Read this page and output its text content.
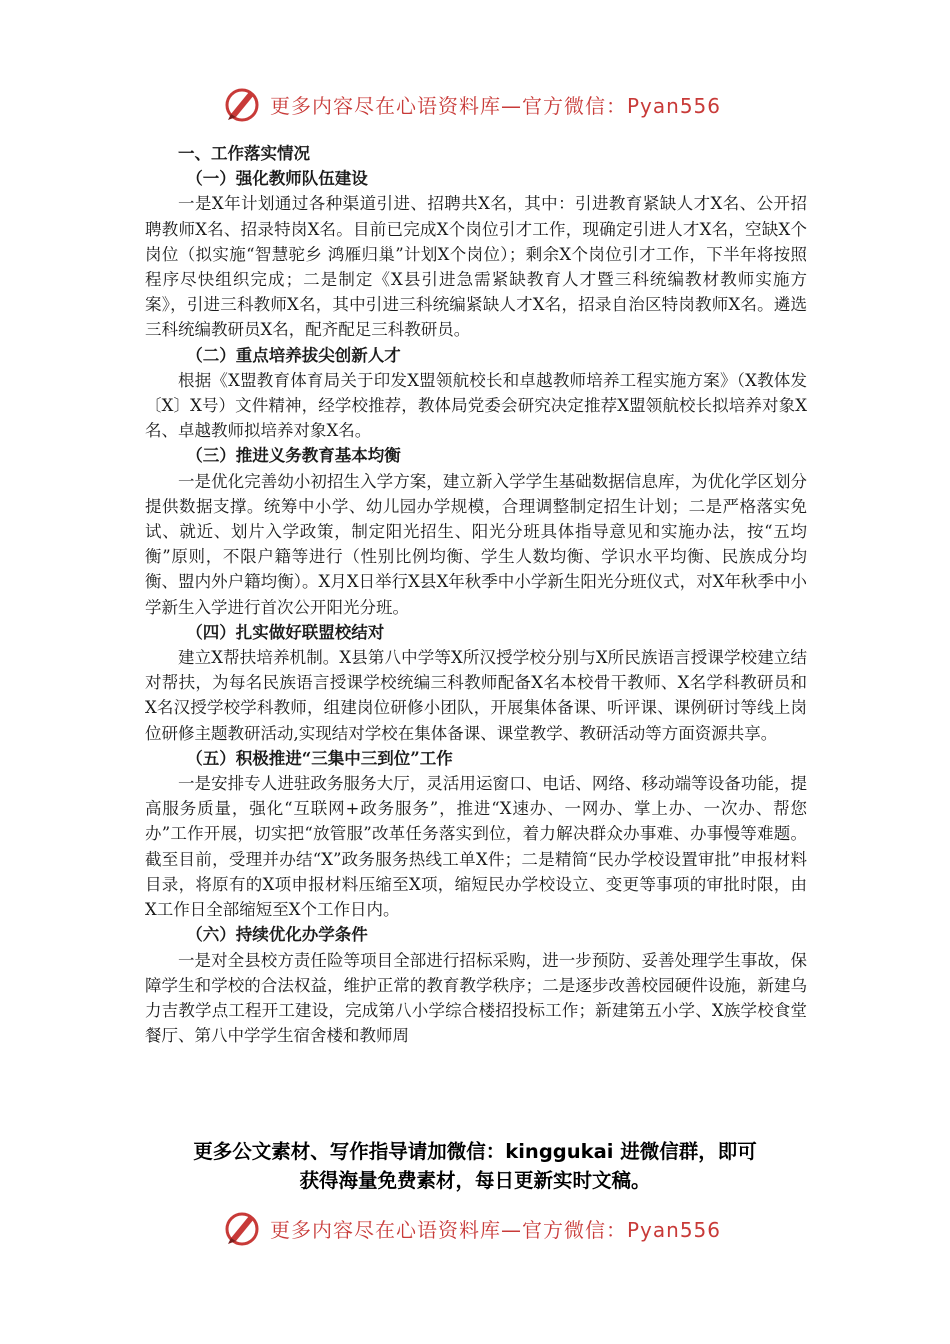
更多内容尽在心语资料库—官方微信：Pyan556
一、工作落实情况
（一）强化教师队伍建设

一是X年计划通过各种渠道引进、招聘共X名，其中：引进教育紧缺人才X名、公开招聘教师X名、招录特岗X名。目前已完成X个岗位引才工作，现确定引进人才X名，空缺X个岗位（拟实施“智慧驼乡 鸿雁归巢”计划X个岗位）；剩余X个岗位引才工作，下半年将按照程序尽快组织完成；二是制定《X县引进急需紧缺教育人才暨三科统编教材教师实施方案》，引进三科教师X名，其中引进三科统编紧缺人才X名，招录自治区特岗教师X名。遴选三科统编教研员X名，配齐配足三科教研员。

（二）重点培养拔尖创新人才

根据《X盟教育体育局关于印发X盟领航校长和卓越教师培养工程实施方案》（X教体发〔X〕X号）文件精神，经学校推荐，教体局党委会研究决定推荐X盟领航校长拟培养对象X名、卓越教师拟培养对象X名。

（三）推进义务教育基本均衡

一是优化完善幼小初招生入学方案，建立新入学学生基础数据信息库，为优化学区划分提供数据支撑。统筹中小学、幼儿园办学规模，合理调整制定招生计划；二是严格落实免试、就近、划片入学政策，制定阳光招生、阳光分班具体指导意见和实施办法，按“五均衡”原则，不限户籍等进行（性别比例均衡、学生人数均衡、学识水平均衡、民族成分均衡、盟内外户籍均衡）。X月X日举行X县X年秋季中小学新生阳光分班仪式，对X年秋季中小学新生入学进行首次公开阳光分班。

（四）扎实做好联盟校结对

建立X帮扶培养机制。X县第八中学等X所汉授学校分别与X所民族语言授课学校建立结对帮扶，为每名民族语言授课学校统编三科教师配备X名本校骨干教师、X名学科教研员和X名汉授学校学科教师，组建岗位研修小团队，开展集体备课、听评课、课例研讨等线上岗位研修主题教研活动,实现结对学校在集体备课、课堂教学、教研活动等方面资源共享。

（五）积极推进“三集中三到位”工作

一是安排专人进驻政务服务大厅，灵活用运窗口、电话、网络、移动端等设备功能，提高服务质量，强化“互联网+政务服务”，推进“X速办、一网办、掌上办、一次办、帮您办”工作开展，切实把“放管服”改革任务落实到位，着力解决群众办事难、办事慢等难题。截至目前，受理并办结“X”政务服务热线工单X件；二是精简“民办学校设置审批”申报材料目录，将原有的X项申报材料压缩至X项，缩短民办学校设立、变更等事项的审批时限，由X工作日全部缩短至X个工作日内。

（六）持续优化办学条件

一是对全县校方责任险等项目全部进行招标采购，进一步预防、妥善处理学生事故，保障学生和学校的合法权益，维护正常的教育教学秩序；二是逐步改善校园硬件设施，新建乌力吉教学点工程开工建设，完成第八小学综合楼招投标工作；新建第五小学、X族学校食堂餐厅、第八中学学生宿舍楼和教师周

更多公文素材、写作指导请加微信：kinggukai 进微信群，即可
获得海量免费素材，每日更新实时文稿。
更多内容尽在心语资料库—官方微信：Pyan556
